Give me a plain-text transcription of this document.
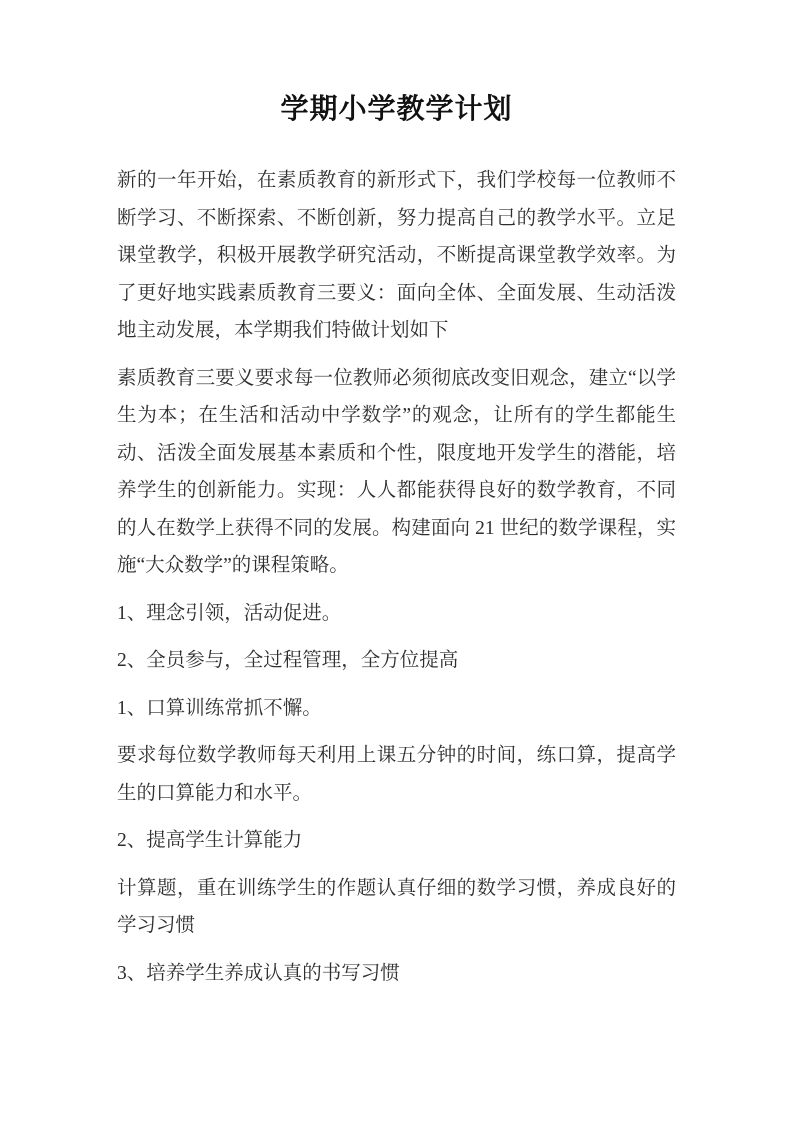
学期小学教学计划

新的一年开始，在素质教育的新形式下，我们学校每一位教师不断学习、不断探索、不断创新，努力提高自己的教学水平。立足课堂教学，积极开展教学研究活动，不断提高课堂教学效率。为了更好地实践素质教育三要义：面向全体、全面发展、生动活泼地主动发展，本学期我们特做计划如下

素质教育三要义要求每一位教师必须彻底改变旧观念，建立“以学生为本；在生活和活动中学数学”的观念，让所有的学生都能生动、活泼全面发展基本素质和个性，限度地开发学生的潜能，培养学生的创新能力。实现：人人都能获得良好的数学教育，不同的人在数学上获得不同的发展。构建面向 21 世纪的数学课程，实施“大众数学”的课程策略。

1、理念引领，活动促进。

2、全员参与，全过程管理，全方位提高

1、口算训练常抓不懈。

要求每位数学教师每天利用上课五分钟的时间，练口算，提高学生的口算能力和水平。

2、提高学生计算能力

计算题，重在训练学生的作题认真仔细的数学习惯，养成良好的学习习惯

3、培养学生养成认真的书写习惯
